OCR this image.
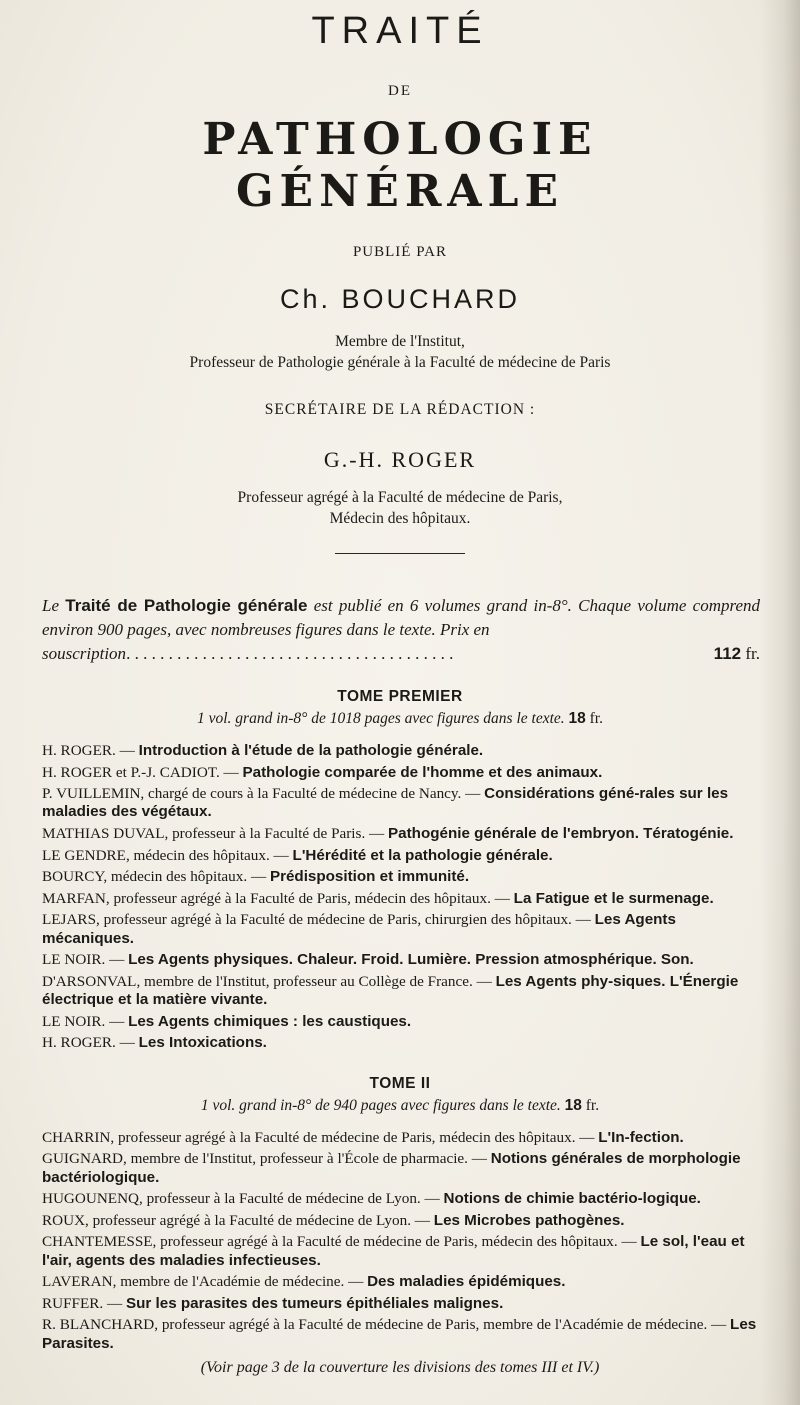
TRAITÉ
DE
PATHOLOGIE GÉNÉRALE
PUBLIÉ PAR
Ch. BOUCHARD
Membre de l'Institut,
Professeur de Pathologie générale à la Faculté de médecine de Paris
SECRÉTAIRE DE LA RÉDACTION :
G.-H. ROGER
Professeur agrégé à la Faculté de médecine de Paris,
Médecin des hôpitaux.
Le Traité de Pathologie générale est publié en 6 volumes grand in-8°. Chaque volume comprend environ 900 pages, avec nombreuses figures dans le texte. Prix en
souscription . . . . . . . . . . . . . . . . . . . . . . . . . . . . . . . . . . . . . . .	112
fr.
TOME PREMIER
1 vol. grand in-8° de 1018 pages avec figures dans le texte. 18 fr.
H. ROGER. — Introduction à l'étude de la pathologie générale.
H. ROGER et P.-J. CADIOT. — Pathologie comparée de l'homme et des animaux.
P. VUILLEMIN, chargé de cours à la Faculté de médecine de Nancy. — Considérations géné-rales sur les maladies des végétaux.
MATHIAS DUVAL, professeur à la Faculté de Paris. — Pathogénie générale de l'embryon. Tératogénie.
LE GENDRE, médecin des hôpitaux. — L'Hérédité et la pathologie générale.
BOURCY, médecin des hôpitaux. — Prédisposition et immunité.
MARFAN, professeur agrégé à la Faculté de Paris, médecin des hôpitaux. — La Fatigue et le surmenage.
LEJARS, professeur agrégé à la Faculté de médecine de Paris, chirurgien des hôpitaux. — Les Agents mécaniques.
LE NOIR. — Les Agents physiques. Chaleur. Froid. Lumière. Pression atmosphérique. Son.
D'ARSONVAL, membre de l'Institut, professeur au Collège de France. — Les Agents phy-siques. L'Énergie électrique et la matière vivante.
LE NOIR. — Les Agents chimiques : les caustiques.
H. ROGER. — Les Intoxications.
TOME II
1 vol. grand in-8° de 940 pages avec figures dans le texte. 18 fr.
CHARRIN, professeur agrégé à la Faculté de médecine de Paris, médecin des hôpitaux. — L'In-fection.
GUIGNARD, membre de l'Institut, professeur à l'École de pharmacie. — Notions générales de morphologie bactériologique.
HUGOUNENQ, professeur à la Faculté de médecine de Lyon. — Notions de chimie bactério-logique.
ROUX, professeur agrégé à la Faculté de médecine de Lyon. — Les Microbes pathogènes.
CHANTEMESSE, professeur agrégé à la Faculté de médecine de Paris, médecin des hôpitaux. — Le sol, l'eau et l'air, agents des maladies infectieuses.
LAVERAN, membre de l'Académie de médecine. — Des maladies épidémiques.
RUFFER. — Sur les parasites des tumeurs épithéliales malignes.
R. BLANCHARD, professeur agrégé à la Faculté de médecine de Paris, membre de l'Académie de médecine. — Les Parasites.
(Voir page 3 de la couverture les divisions des tomes III et IV.)
